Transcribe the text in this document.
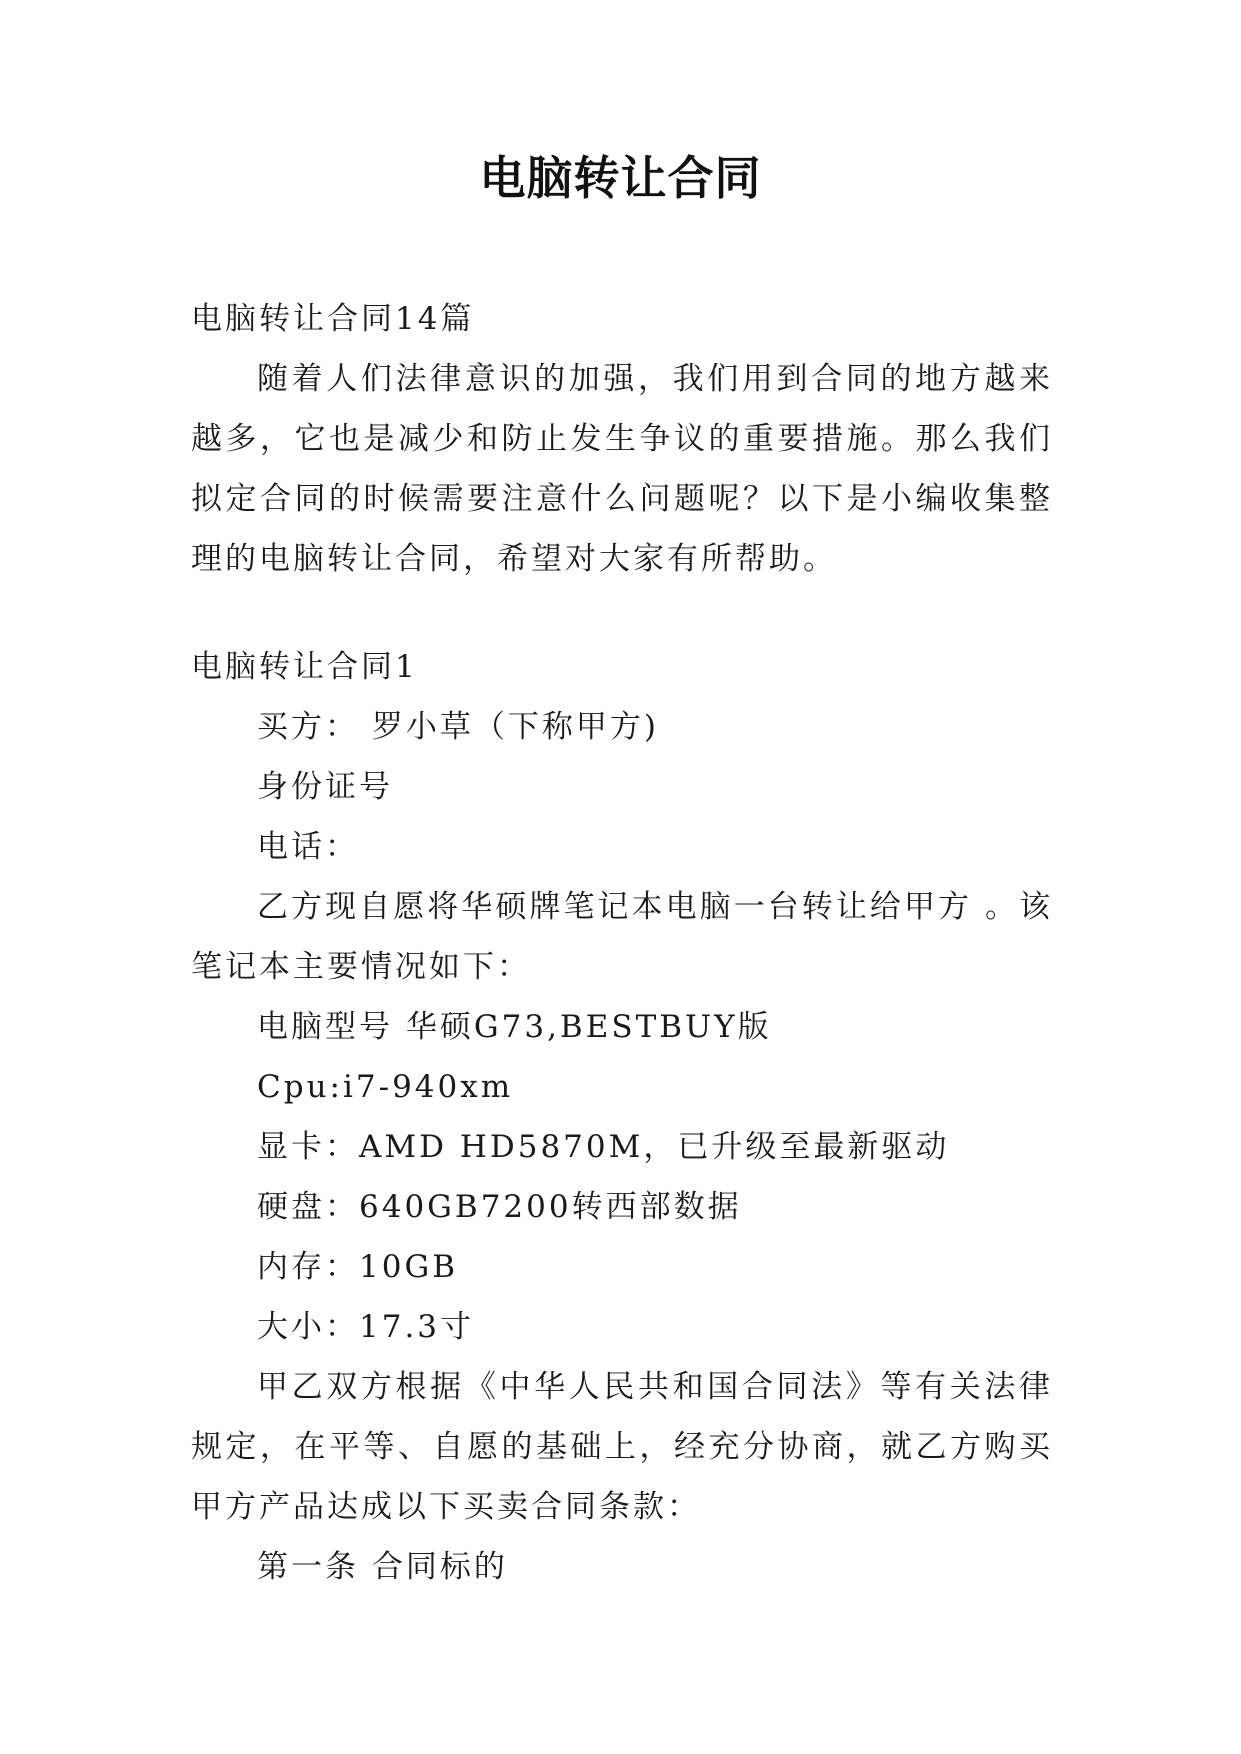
电脑转让合同

电脑转让合同14篇

随着人们法律意识的加强，我们用到合同的地方越来越多，它也是减少和防止发生争议的重要措施。那么我们拟定合同的时候需要注意什么问题呢？以下是小编收集整理的电脑转让合同，希望对大家有所帮助。

电脑转让合同1

买方： 罗小草（下称甲方)

身份证号

电话：

乙方现自愿将华硕牌笔记本电脑一台转让给甲方 。该笔记本主要情况如下：

电脑型号 华硕G73,BESTBUY版

Cpu:i7-940xm

显卡：AMD HD5870M，已升级至最新驱动

硬盘：640GB7200转西部数据

内存：10GB

大小：17.3寸

甲乙双方根据《中华人民共和国合同法》等有关法律规定，在平等、自愿的基础上，经充分协商，就乙方购买甲方产品达成以下买卖合同条款：

第一条 合同标的
